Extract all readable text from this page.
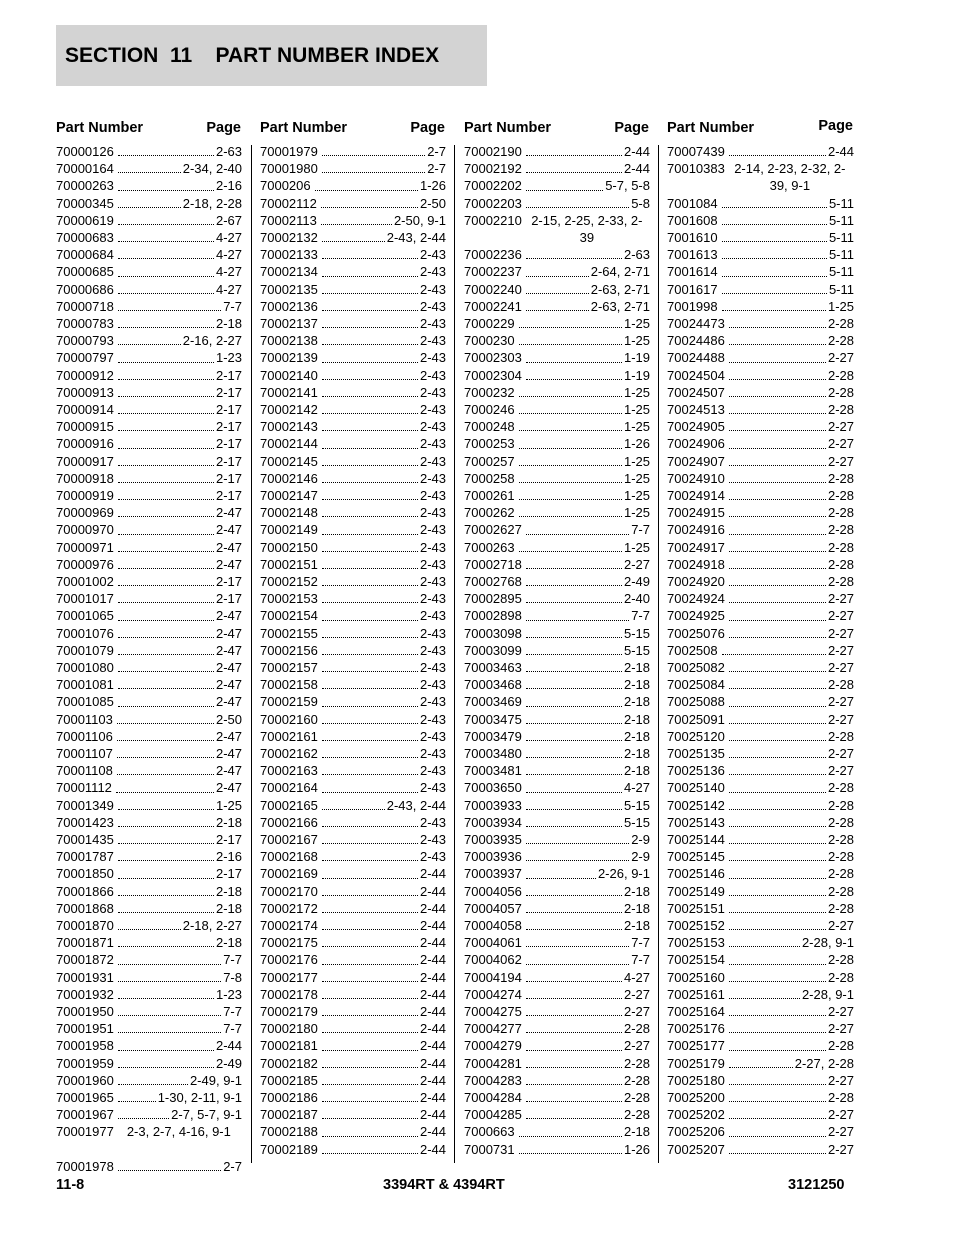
SECTION  11    PART NUMBER INDEX
Part Number	Page
70000126	2-63
70000164	2-34, 2-40
70000263	2-16
70000345	2-18, 2-28
70000619	2-67
70000683	4-27
70000684	4-27
70000685	4-27
70000686	4-27
70000718	7-7
70000783	2-18
70000793	2-16, 2-27
70000797	1-23
70000912	2-17
70000913	2-17
70000914	2-17
70000915	2-17
70000916	2-17
70000917	2-17
70000918	2-17
70000919	2-17
70000969	2-47
70000970	2-47
70000971	2-47
70000976	2-47
70001002	2-17
70001017	2-17
70001065	2-47
70001076	2-47
70001079	2-47
70001080	2-47
70001081	2-47
70001085	2-47
70001103	2-50
70001106	2-47
70001107	2-47
70001108	2-47
70001112	2-47
70001349	1-25
70001423	2-18
70001435	2-17
70001787	2-16
70001850	2-17
70001866	2-18
70001868	2-18
70001870	2-18, 2-27
70001871	2-18
70001872	7-7
70001931	7-8
70001932	1-23
70001950	7-7
70001951	7-7
70001958	2-44
70001959	2-49
70001960	2-49, 9-1
70001965	1-30, 2-11, 9-1
70001967	2-7, 5-7, 9-1
70001977 2-3, 2-7, 4-16, 9-1
70001978	2-7
Part Number	Page
70001979	2-7
70001980	2-7
7000206	1-26
70002112	2-50
70002113	2-50, 9-1
70002132	2-43, 2-44
70002133	2-43
70002134	2-43
70002135	2-43
70002136	2-43
70002137	2-43
70002138	2-43
70002139	2-43
70002140	2-43
70002141	2-43
70002142	2-43
70002143	2-43
70002144	2-43
70002145	2-43
70002146	2-43
70002147	2-43
70002148	2-43
70002149	2-43
70002150	2-43
70002151	2-43
70002152	2-43
70002153	2-43
70002154	2-43
70002155	2-43
70002156	2-43
70002157	2-43
70002158	2-43
70002159	2-43
70002160	2-43
70002161	2-43
70002162	2-43
70002163	2-43
70002164	2-43
70002165	2-43, 2-44
70002166	2-43
70002167	2-43
70002168	2-43
70002169	2-44
70002170	2-44
70002172	2-44
70002174	2-44
70002175	2-44
70002176	2-44
70002177	2-44
70002178	2-44
70002179	2-44
70002180	2-44
70002181	2-44
70002182	2-44
70002185	2-44
70002186	2-44
70002187	2-44
70002188	2-44
70002189	2-44
Part Number	Page
70002190	2-44
70002192	2-44
70002202	5-7, 5-8
70002203	5-8
70002210 2-15, 2-25, 2-33, 2-39
70002236	2-63
70002237	2-64, 2-71
70002240	2-63, 2-71
70002241	2-63, 2-71
7000229	1-25
7000230	1-25
70002303	1-19
70002304	1-19
7000232	1-25
7000246	1-25
7000248	1-25
7000253	1-26
7000257	1-25
7000258	1-25
7000261	1-25
7000262	1-25
70002627	7-7
7000263	1-25
70002718	2-27
70002768	2-49
70002895	2-40
70002898	7-7
70003098	5-15
70003099	5-15
70003463	2-18
70003468	2-18
70003469	2-18
70003475	2-18
70003479	2-18
70003480	2-18
70003481	2-18
70003650	4-27
70003933	5-15
70003934	5-15
70003935	2-9
70003936	2-9
70003937	2-26, 9-1
70004056	2-18
70004057	2-18
70004058	2-18
70004061	7-7
70004062	7-7
70004194	4-27
70004274	2-27
70004275	2-27
70004277	2-28
70004279	2-27
70004281	2-28
70004283	2-28
70004284	2-28
70004285	2-28
7000663	2-18
7000731	1-26
Part Number	Page
70007439	2-44
70010383 2-14, 2-23, 2-32, 2-39, 9-1
7001084	5-11
7001608	5-11
7001610	5-11
7001613	5-11
7001614	5-11
7001617	5-11
7001998	1-25
70024473	2-28
70024486	2-28
70024488	2-27
70024504	2-28
70024507	2-28
70024513	2-28
70024905	2-27
70024906	2-27
70024907	2-27
70024910	2-28
70024914	2-28
70024915	2-28
70024916	2-28
70024917	2-28
70024918	2-28
70024920	2-28
70024924	2-27
70024925	2-27
70025076	2-27
7002508	2-27
70025082	2-27
70025084	2-28
70025088	2-27
70025091	2-27
70025120	2-28
70025135	2-27
70025136	2-27
70025140	2-28
70025142	2-28
70025143	2-28
70025144	2-28
70025145	2-28
70025146	2-28
70025149	2-28
70025151	2-28
70025152	2-27
70025153	2-28, 9-1
70025154	2-28
70025160	2-28
70025161	2-28, 9-1
70025164	2-27
70025176	2-27
70025177	2-28
70025179	2-27, 2-28
70025180	2-27
70025200	2-28
70025202	2-27
70025206	2-27
70025207	2-27
11-8	3394RT & 4394RT	3121250
